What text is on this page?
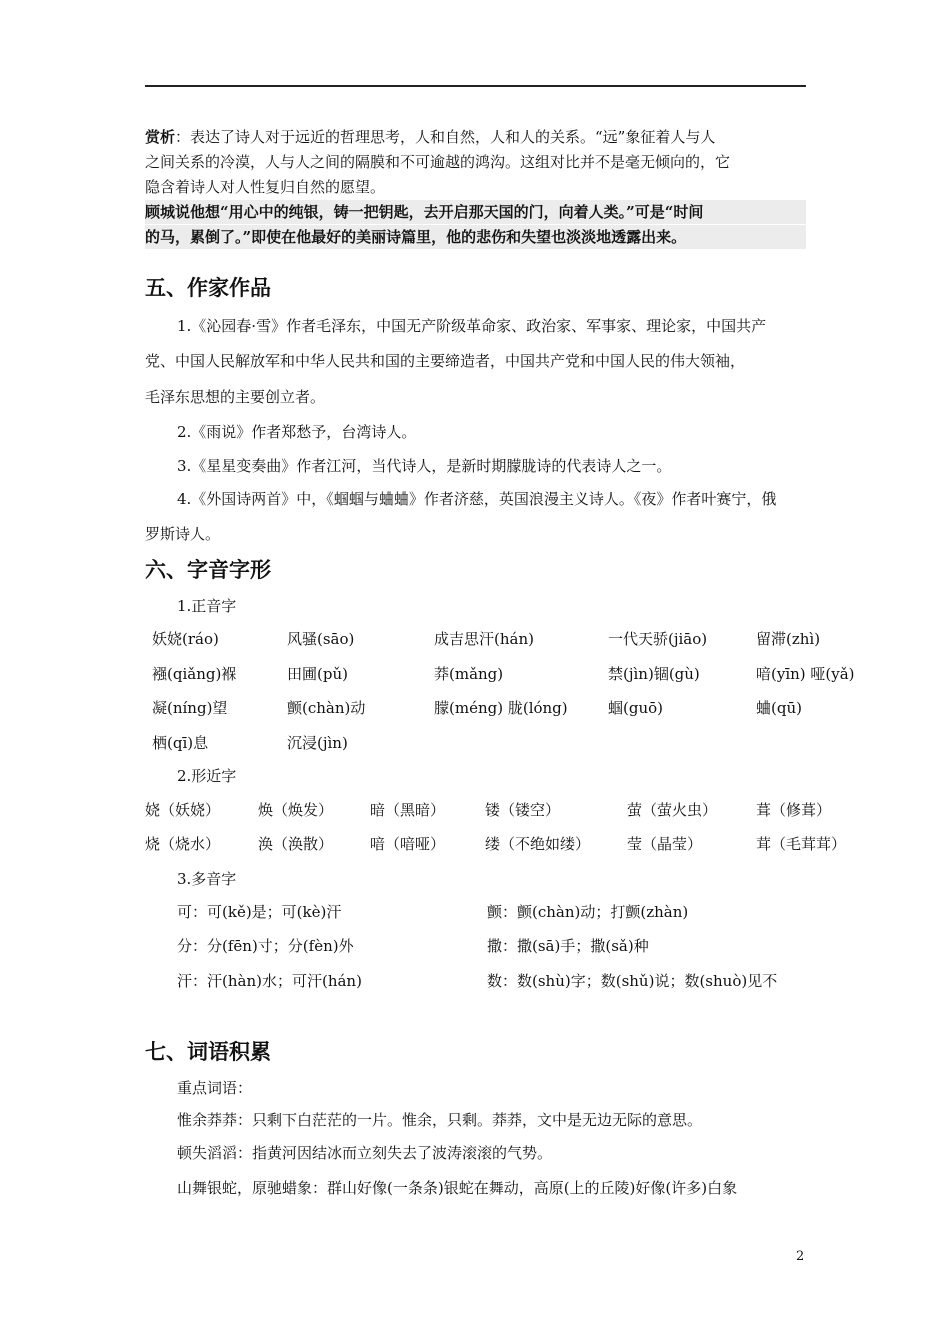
赏析：表达了诗人对于远近的哲理思考，人和自然，人和人的关系。“远”象征着人与人
之间关系的冷漠，人与人之间的隔膜和不可逾越的鸿沟。这组对比并不是毫无倾向的，它
隐含着诗人对人性复归自然的愿望。
顾城说他想“用心中的纯银，铸一把钥匙，去开启那天国的门，向着人类。”可是“时间
的马，累倒了。”即使在他最好的美丽诗篇里，他的悲伤和失望也淡淡地透露出来。
五、作家作品
1.《沁园春·雪》作者毛泽东，中国无产阶级革命家、政治家、军事家、理论家，中国共产
党、中国人民解放军和中华人民共和国的主要缔造者，中国共产党和中国人民的伟大领袖，
毛泽东思想的主要创立者。
2.《雨说》作者郑愁予，台湾诗人。
3.《星星变奏曲》作者江河，当代诗人，是新时期朦胧诗的代表诗人之一。
4.《外国诗两首》中，《蝈蝈与蛐蛐》作者济慈，英国浪漫主义诗人。《夜》作者叶赛宁，俄
罗斯诗人。
六、字音字形
1.正音字
妖娆(ráo)	风骚(sāo)	成吉思汗(hán)	一代天骄(jiāo)	留滞(zhì)
襁(qiǎng)褓	田圃(pǔ)	莽(mǎng)	禁(jìn)锢(gù)	喑(yīn) 哑(yǎ)
凝(níng)望	颤(chàn)动	朦(méng) 胧(lóng)	蝈(guō)	蛐(qū)
栖(qī)息	沉浸(jìn)
2.形近字
娆（妖娆）	焕（焕发） 暗（黑暗）	镂（镂空）	萤（萤火虫）	葺（修葺）
烧（烧水）	涣（涣散） 喑（喑哑）	缕（不绝如缕） 莹（晶莹）	茸（毛茸茸）
3.多音字
可：可(kě)是；可(kè)汗	颤：颤(chàn)动；打颤(zhàn)
分：分(fēn)寸；分(fèn)外	撒：撒(sā)手；撒(sǎ)种
汗：汗(hàn)水；可汗(hán)	数：数(shù)字；数(shǔ)说；数(shuò)见不
七、词语积累
重点词语：
惟余莽莽：只剩下白茫茫的一片。惟余，只剩。莽莽，文中是无边无际的意思。
顿失滔滔：指黄河因结冰而立刻失去了波涛滚滚的气势。
山舞银蛇，原驰蜡象：群山好像(一条条)银蛇在舞动，高原(上的丘陵)好像(许多)白象
2
